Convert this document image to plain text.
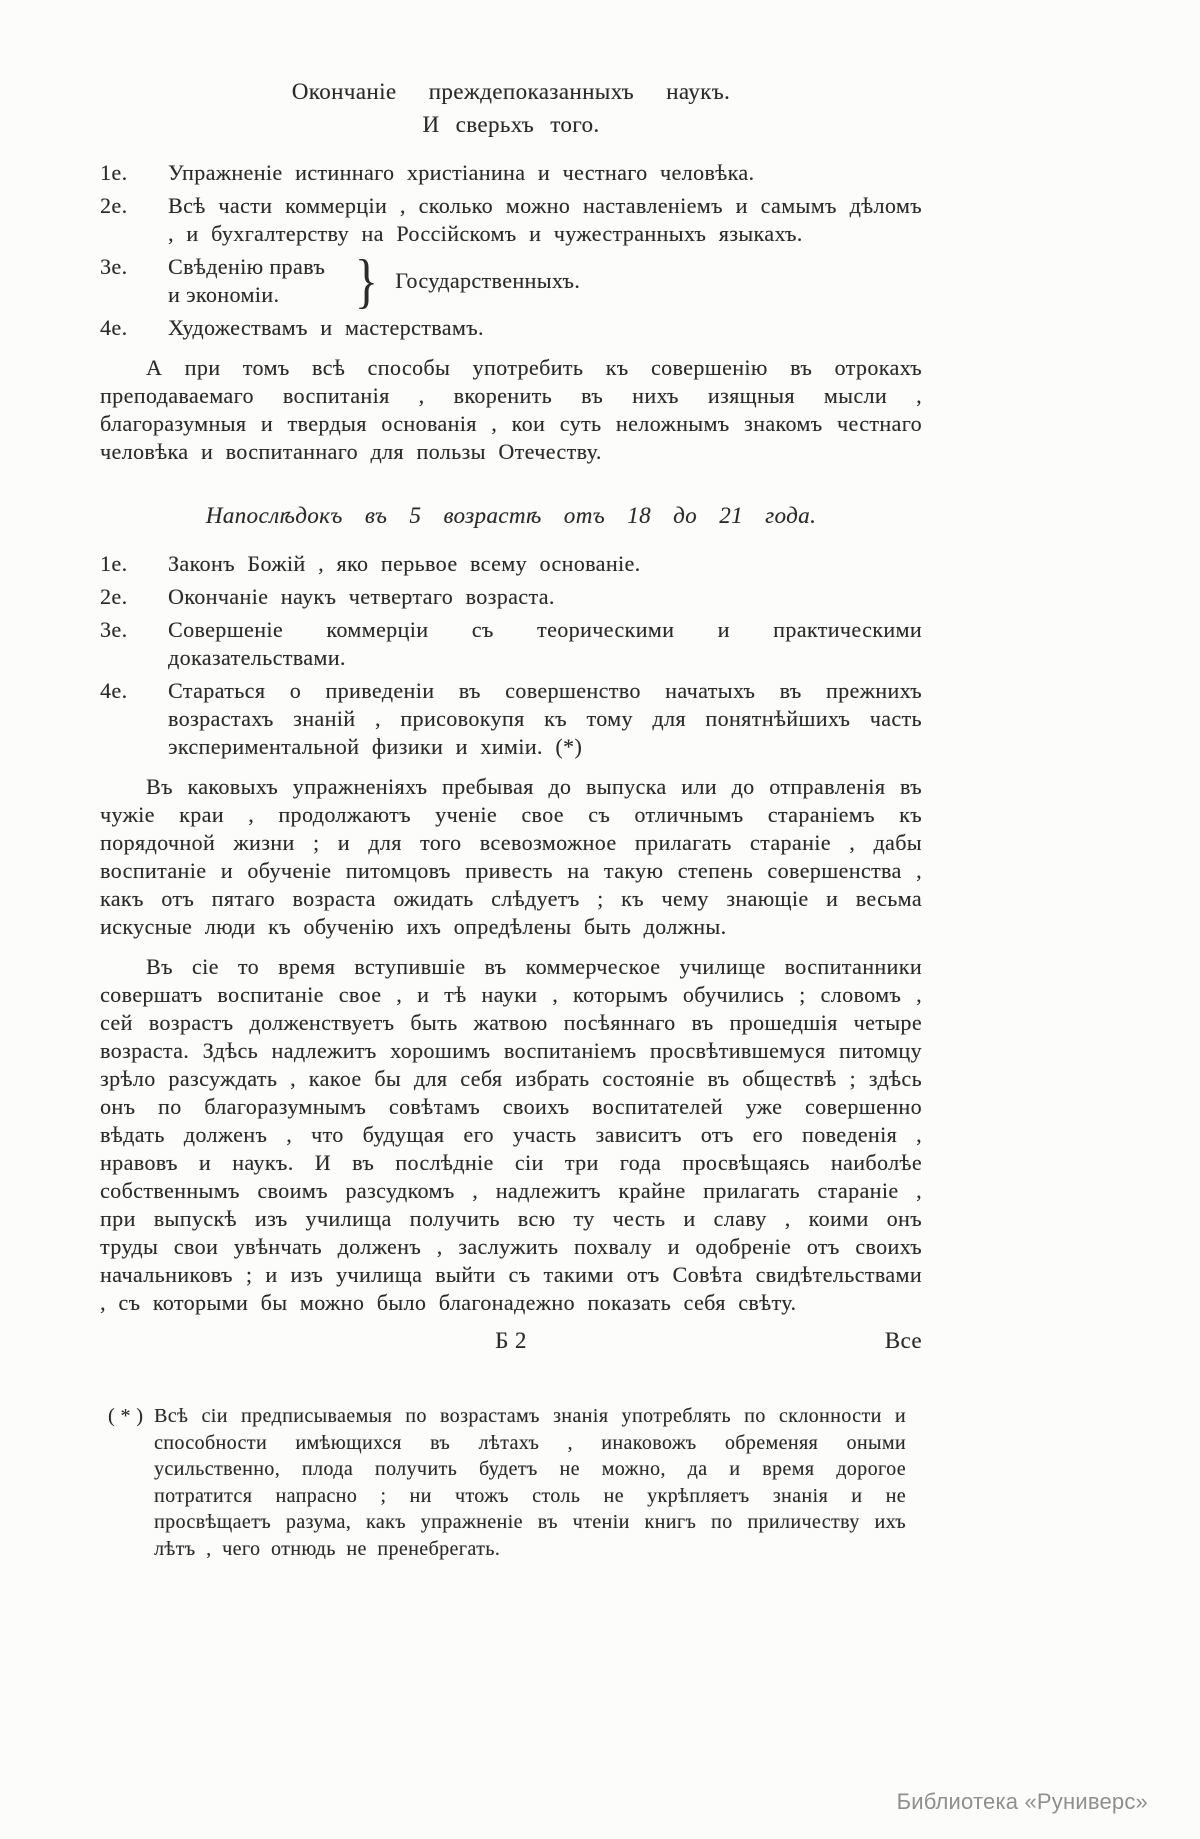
Окончаніе преждепоказанныхъ наукъ.
И сверьхъ того.
1е.	Упражненіе истиннаго христіанина и честнаго человѣка.
2е.	Всѣ части коммерціи , сколько можно наставленіемъ и самымъ дѣломъ , и бухгалтерству на Россійскомъ и чужестранныхъ языкахъ.
3е.	Свѣденію правъ
и экономіи.	} Государственныхъ.
4е.	Художествамъ и мастерствамъ.

А при томъ всѣ способы употребить къ совершенію въ отрокахъ преподаваемаго воспитанія , вкоренить въ нихъ изящныя мысли , благоразумныя и твердыя основанія , кои суть неложнымъ знакомъ честнаго человѣка и воспитаннаго для пользы Отечеству.

Напослѣдокъ въ 5 возрастѣ отъ 18 до 21 года.
1е.	Законъ Божій , яко перьвое всему основаніе.
2е.	Окончаніе наукъ четвертаго возраста.
3е.	Совершеніе коммерціи съ теорическими и практическими доказательствами.
4е.	Стараться о приведеніи въ совершенство начатыхъ въ прежнихъ возрастахъ знаній , присовокупя къ тому для понятнѣйшихъ часть экспериментальной физики и химіи. (*)

Въ каковыхъ упражненіяхъ пребывая до выпуска или до отправленія въ чужіе краи , продолжаютъ ученіе свое съ отличнымъ стараніемъ къ порядочной жизни ; и для того всевозможное прилагать стараніе , дабы воспитаніе и обученіе питомцовъ привесть на такую степень совершенства , какъ отъ пятаго возраста ожидать слѣдуетъ ; къ чему знающіе и весьма искусные люди къ обученію ихъ опредѣлены быть должны.

Въ сіе то время вступившіе въ коммерческое училище воспитанники совершатъ воспитаніе свое , и тѣ науки , которымъ обучились ; словомъ , сей возрастъ долженствуетъ быть жатвою посѣяннаго въ прошедшія четыре возраста. Здѣсь надлежитъ хорошимъ воспитаніемъ просвѣтившемуся питомцу зрѣло разсуждать , какое бы для себя избрать состояніе въ обществѣ ; здѣсь онъ по благоразумнымъ совѣтамъ своихъ воспитателей уже совершенно вѣдать долженъ , что будущая его участь зависитъ отъ его поведенія , нравовъ и наукъ. И въ послѣдніе сіи три года просвѣщаясь наиболѣе собственнымъ своимъ разсудкомъ , надлежитъ крайне прилагать стараніе , при выпускѣ изъ училища получить всю ту честь и славу , коими онъ труды свои увѣнчать долженъ , заслужить похвалу и одобреніе отъ своихъ начальниковъ ; и изъ училища выйти съ такими отъ Совѣта свидѣтельствами , съ которыми бы можно было благонадежно показать себя свѣту.

Б 2	Все
( * ) Всѣ сіи предписываемыя по возрастамъ знанія употреблять по склонности и способности имѣющихся въ лѣтахъ , инаковожъ обременяя оными усильственно, плода получить будетъ не можно, да и время дорогое потратится напрасно ; ни чтожъ столь не укрѣпляетъ знанія и не просвѣщаетъ разума, какъ упражненіе въ чтеніи книгъ по приличеству ихъ лѣтъ , чего отнюдь не пренебрегать.
Библиотека «Руниверс»
